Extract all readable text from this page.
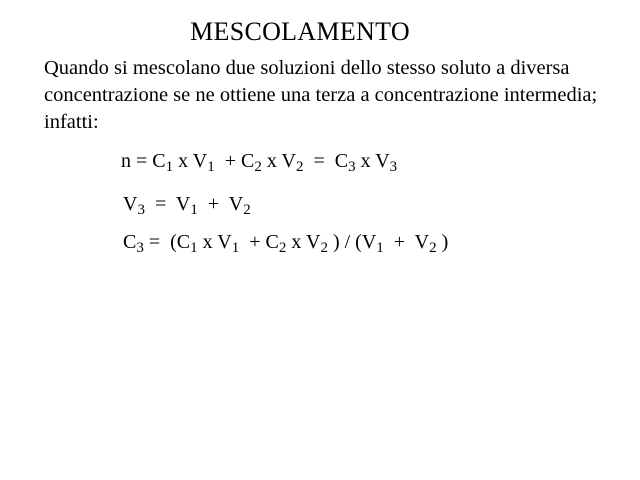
MESCOLAMENTO
Quando si mescolano due soluzioni dello stesso soluto a diversa concentrazione se ne ottiene una terza a concentrazione intermedia; infatti:
$n = C_1$ x $V_1 + C_2$ x $V_2 = C_3$ x $V_3$
$V_3 = V_1 + V_2$
$C_3 = (C_1$ x $V_1 + C_2$ x $V_2$ ) / ($V_1 + V_2$ )
